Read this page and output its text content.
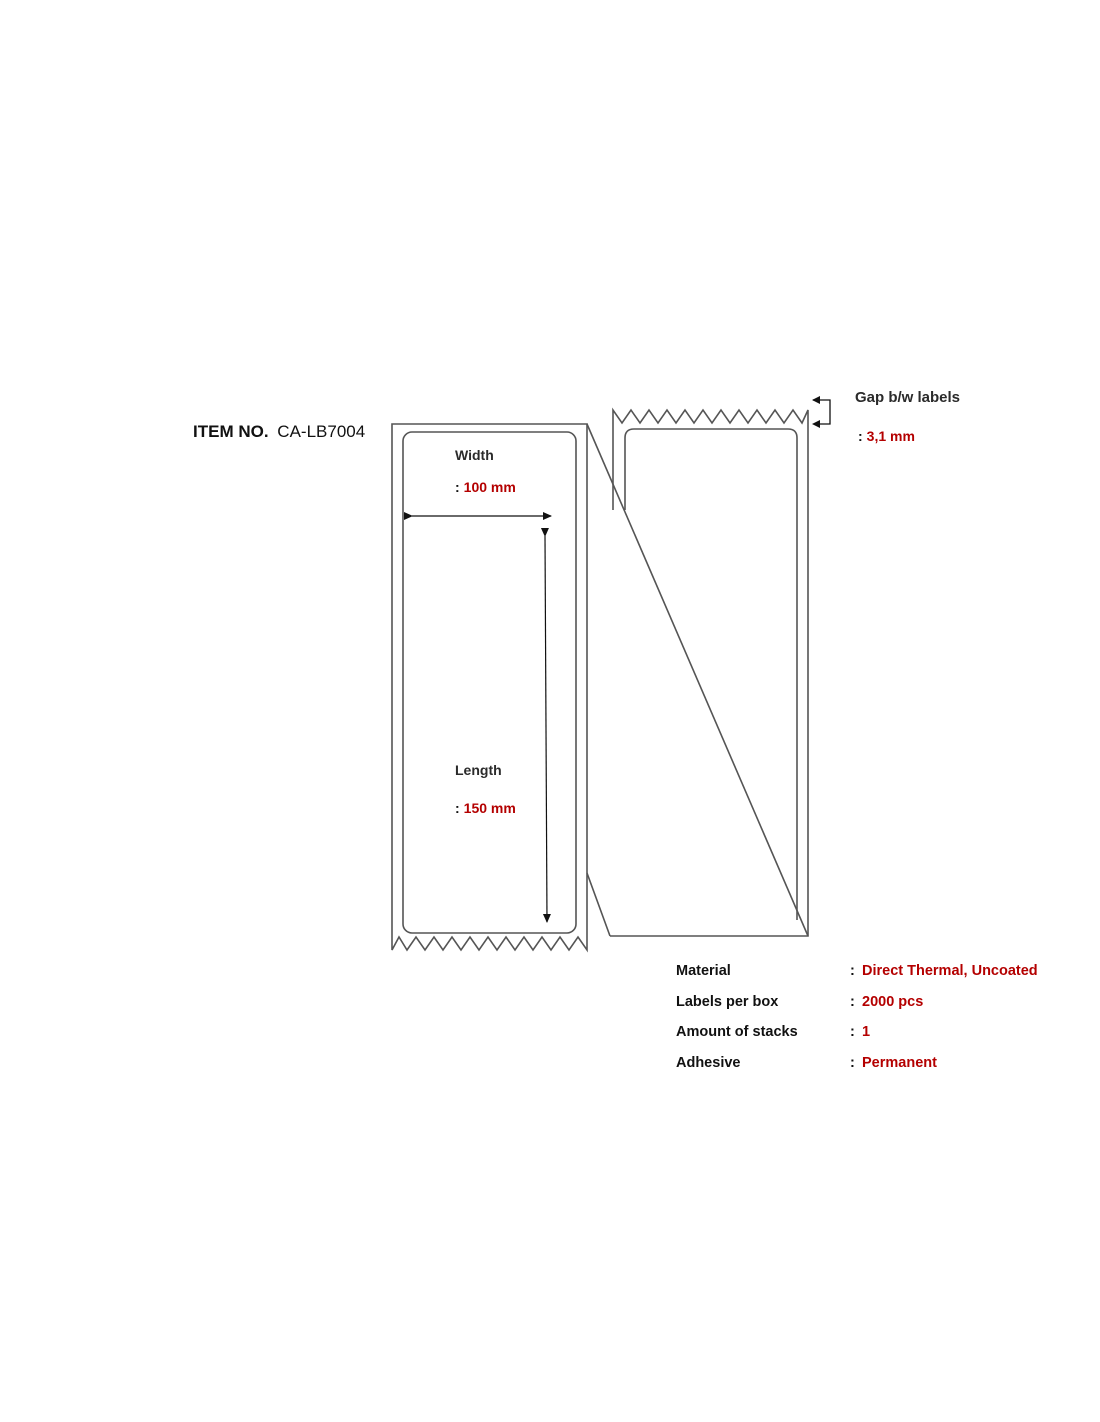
ITEM NO. CA-LB7004
Width
: 100 mm
Length
: 150 mm
Gap b/w labels
: 3,1 mm
Material	: Direct Thermal, Uncoated
Labels per box	: 2000 pcs
Amount of stacks	: 1
Adhesive	: Permanent
